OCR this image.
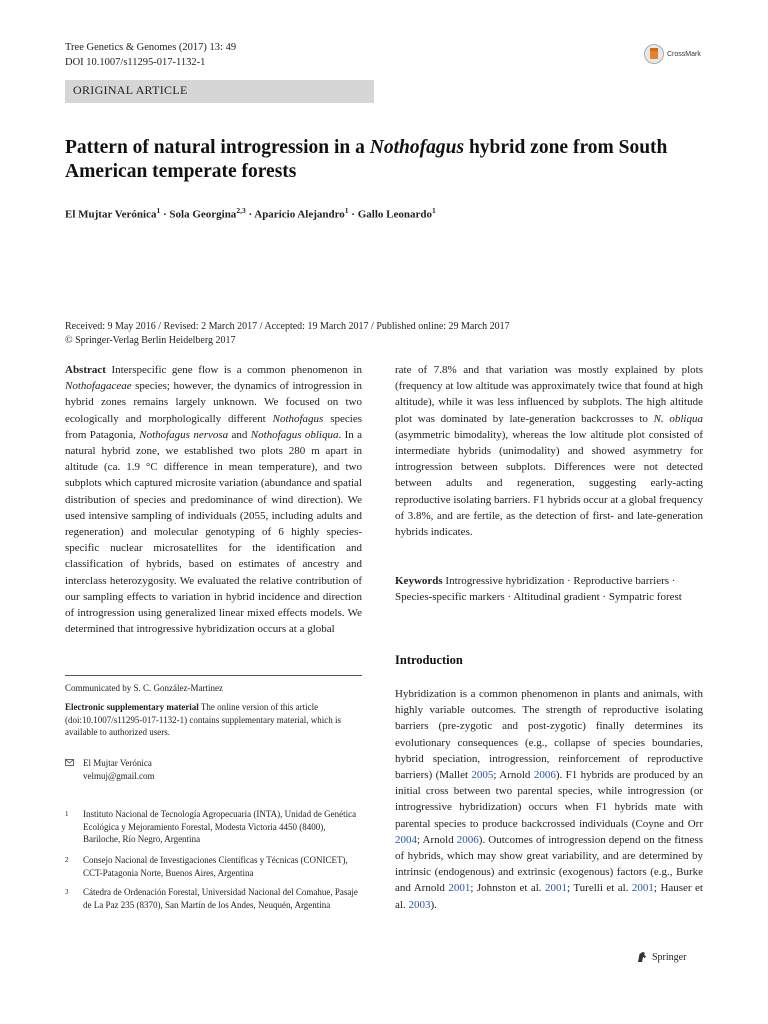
Tree Genetics & Genomes (2017) 13: 49
DOI 10.1007/s11295-017-1132-1
CrossMark
ORIGINAL ARTICLE
Pattern of natural introgression in a Nothofagus hybrid zone from South American temperate forests
El Mujtar Verónica$^1$ · Sola Georgina$^{2,3}$ · Aparicio Alejandro$^1$ · Gallo Leonardo$^1$
Received: 9 May 2016 / Revised: 2 March 2017 / Accepted: 19 March 2017 / Published online: 29 March 2017
© Springer-Verlag Berlin Heidelberg 2017
Abstract Interspecific gene flow is a common phenomenon in Nothofagaceae species; however, the dynamics of introgression in hybrid zones remains largely unknown. We focused on two ecologically and morphologically different Nothofagus species from Patagonia, Nothofagus nervosa and Nothofagus obliqua. In a natural hybrid zone, we established two plots 280 m apart in altitude (ca. 1.9 °C difference in mean temperature), and two subplots which captured microsite variation (abundance and spatial distribution of species and predominance of wind direction). We used intensive sampling of individuals (2055, including adults and regeneration) and molecular genotyping of 6 highly species-specific nuclear microsatellites for the identification and classification of hybrids, based on estimates of ancestry and interclass heterozygosity. We evaluated the relative contribution of our sampling effects to variation in hybrid incidence and direction of introgression using generalized linear mixed effects models. We determined that introgressive hybridization occurs at a global
rate of 7.8% and that variation was mostly explained by plots (frequency at low altitude was approximately twice that found at high altitude), while it was less influenced by subplots. The high altitude plot was dominated by late-generation backcrosses to N. obliqua (asymmetric bimodality), whereas the low altitude plot consisted of intermediate hybrids (unimodality) and showed asymmetry for introgression between subplots. Differences were not detected between adults and regeneration, suggesting early-acting reproductive isolating barriers. F1 hybrids occur at a global frequency of 3.8%, and are fertile, as the detection of first- and late-generation hybrids indicates.
Keywords Introgressive hybridization · Reproductive barriers · Species-specific markers · Altitudinal gradient · Sympatric forest
Communicated by S. C. González-Martínez
Electronic supplementary material The online version of this article (doi:10.1007/s11295-017-1132-1) contains supplementary material, which is available to authorized users.
El Mujtar Verónica
velmuj@gmail.com
1 Instituto Nacional de Tecnología Agropecuaria (INTA), Unidad de Genética Ecológica y Mejoramiento Forestal, Modesta Victoria 4450 (8400), Bariloche, Río Negro, Argentina
2 Consejo Nacional de Investigaciones Científicas y Técnicas (CONICET), CCT-Patagonia Norte, Buenos Aires, Argentina
3 Cátedra de Ordenación Forestal, Universidad Nacional del Comahue, Pasaje de La Paz 235 (8370), San Martín de los Andes, Neuquén, Argentina
Introduction
Hybridization is a common phenomenon in plants and animals, with highly variable outcomes. The strength of reproductive isolating barriers (pre-zygotic and post-zygotic) finally determines its evolutionary consequences (e.g., collapse of species boundaries, hybrid speciation, introgression, reinforcement of reproductive barriers) (Mallet 2005; Arnold 2006). F1 hybrids are produced by an initial cross between two parental species, while introgression (or introgressive hybridization) occurs when F1 hybrids mate with parental species to produce backcrossed individuals (Coyne and Orr 2004; Arnold 2006). Outcomes of introgression depend on the fitness of hybrids, which may show great variability, and are determined by intrinsic (endogenous) and extrinsic (exogenous) factors (e.g., Burke and Arnold 2001; Johnston et al. 2001; Turelli et al. 2001; Hauser et al. 2003).
Springer
